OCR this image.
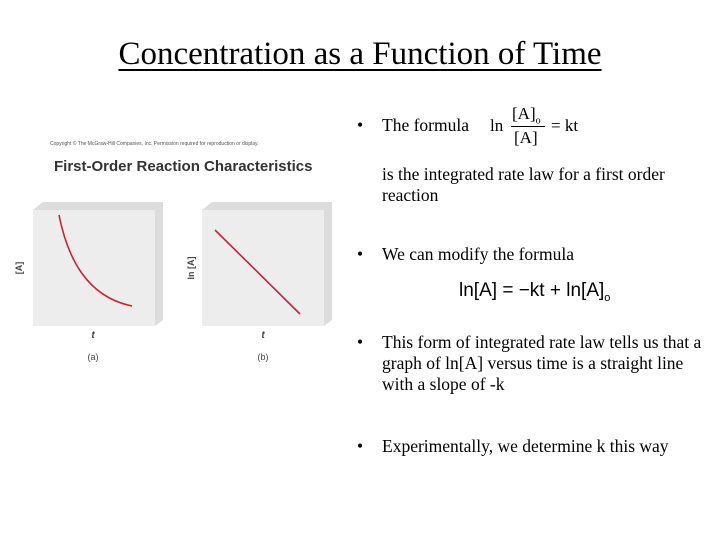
Concentration as a Function of Time
Copyright © The McGraw-Hill Companies, Inc. Permission required for reproduction or display.
First-Order Reaction Characteristics
[A]
t
(a)
ln [A]
t
(b)
• The formula ln
$[A]_o$
[A]
= kt
is the integrated rate law for a first order reaction
• We can modify the formula
$\ln[A] = -kt + \ln[A]_o$
• This form of integrated rate law tells us that a graph of ln[A] versus time is a straight line with a slope of -k
• Experimentally, we determine k this way
